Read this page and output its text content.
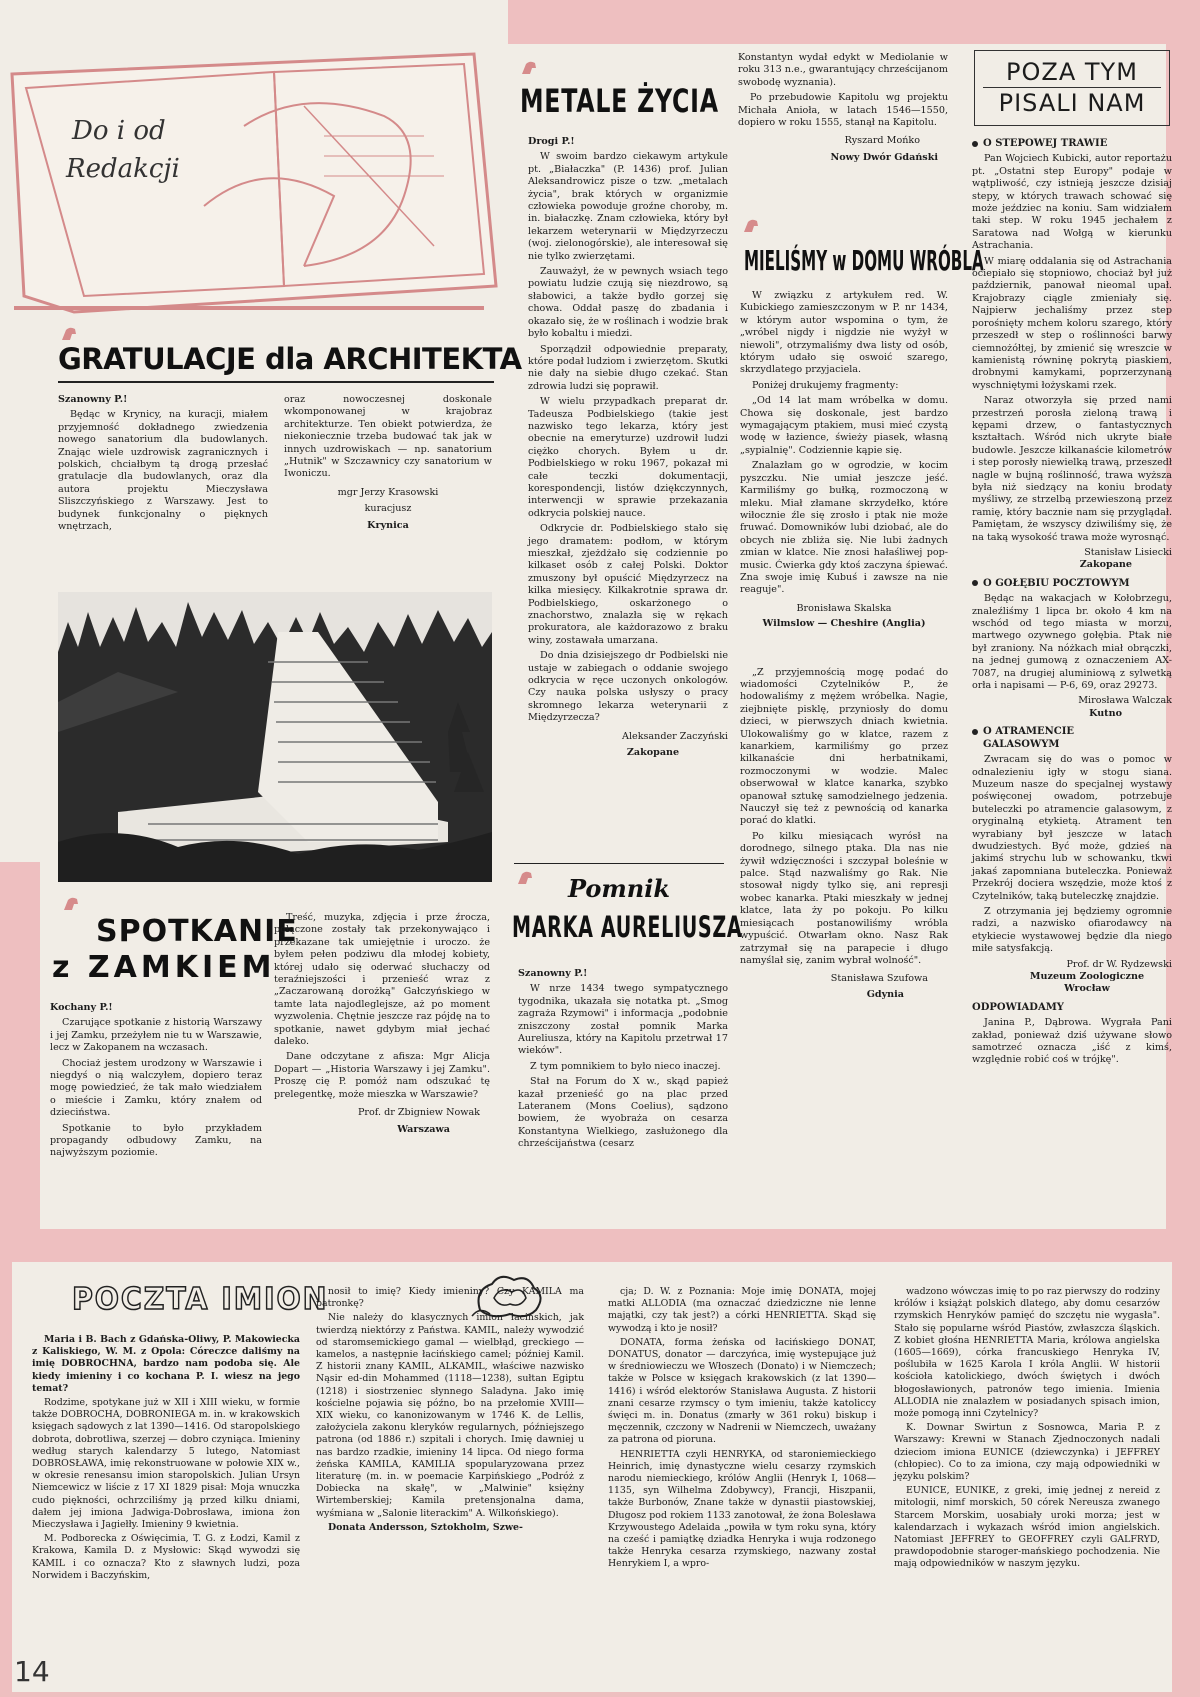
Do i od
Redakcji
GRATULACJE dla ARCHITEKTA

Szanowny P.!

Będąc w Krynicy, na kuracji, miałem przyjemność dokładnego zwiedzenia nowego sanatorium dla budowlanych. Znając wiele uzdrowisk zagranicznych i polskich, chciałbym tą drogą przesłać gratulacje dla budowlanych, oraz dla autora projektu Mieczysława Sliszczyńskiego z Warszawy. Jest to budynek funkcjonalny o pięknych wnętrzach,

oraz nowoczesnej doskonale wkomponowanej w krajobraz architekturze. Ten obiekt potwierdza, że niekoniecznie trzeba budować tak jak w innych uzdrowiskach — np. sanatorium „Hutnik" w Szczawnicy czy sanatorium w Iwoniczu.

mgr Jerzy Krasowski
kuracjusz
Krynica
SPOTKANIE
z ZAMKIEM

Kochany P.!

Czarujące spotkanie z historią Warszawy i jej Zamku, przeżyłem nie tu w Warszawie, lecz w Zakopanem na wczasach.

Chociaż jestem urodzony w Warszawie i niegdyś o nią walczyłem, dopiero teraz mogę powiedzieć, że tak mało wiedziałem o mieście i Zamku, który znałem od dzieciństwa.

Spotkanie to było przykładem propagandy odbudowy Zamku, na najwyższym poziomie.

Treść, muzyka, zdjęcia i prze źrocza, połączone zostały tak przekonywająco i przekazane tak umiejętnie i uroczo. że byłem pełen podziwu dla młodej kobiety, której udało się oderwać słuchaczy od teraźniejszości i przenieść wraz z „Zaczarowaną dorożką" Gałczyńskiego w tamte lata najodleglejsze, aż po moment wyzwolenia. Chętnie jeszcze raz pójdę na to spotkanie, nawet gdybym miał jechać daleko.

Dane odczytane z afisza: Mgr Alicja Dopart — „Historia Warszawy i jej Zamku". Proszę cię P. pomóż nam odszukać tę prelegentkę, może mieszka w Warszawie?

Prof. dr Zbigniew Nowak
Warszawa
METALE ŻYCIA

Drogi P.!

W swoim bardzo ciekawym artykule pt. „Białaczka" (P. 1436) prof. Julian Aleksandrowicz pisze o tzw. „metalach życia", brak których w organizmie człowieka powoduje groźne choroby, m. in. białaczkę. Znam człowieka, który był lekarzem weterynarii w Międzyrzeczu (woj. zielonogórskie), ale interesował się nie tylko zwierzętami.

Zauważył, że w pewnych wsiach tego powiatu ludzie czują się niezdrowo, są słabowici, a także bydło gorzej się chowa. Oddał paszę do zbadania i okazało się, że w roślinach i wodzie brak było kobaltu i miedzi.

Sporządził odpowiednie preparaty, które podał ludziom i zwierzętom. Skutki nie dały na siebie długo czekać. Stan zdrowia ludzi się poprawił.

W wielu przypadkach preparat dr. Tadeusza Podbielskiego (takie jest nazwisko tego lekarza, który jest obecnie na emeryturze) uzdrowił ludzi ciężko chorych. Byłem u dr. Podbielskiego w roku 1967, pokazał mi całe teczki dokumentacji, korespondencji, listów dziękczynnych, interwencji w sprawie przekazania odkrycia polskiej nauce.

Odkrycie dr. Podbielskiego stało się jego dramatem: podłom, w którym mieszkał, zjeżdżało się codziennie po kilkaset osób z całej Polski. Doktor zmuszony był opuścić Międzyrzecz na kilka miesięcy. Kilkakrotnie sprawa dr. Podbielskiego, oskarżonego o znachorstwo, znalazła się w rękach prokuratora, ale każdorazowo z braku winy, zostawała umarzana.

Do dnia dzisiejszego dr Podbielski nie ustaje w zabiegach o oddanie swojego odkrycia w ręce uczonych onkologów. Czy nauka polska usłyszy o pracy skromnego lekarza weterynarii z Międzyrzecza?

Aleksander Zaczyński
Zakopane
Pomnik
MARKA AURELIUSZA

Szanowny P.!

W nrze 1434 twego sympatycznego tygodnika, ukazała się notatka pt. „Smog zagraża Rzymowi" i informacja „podobnie zniszczony został pomnik Marka Aureliusza, który na Kapitolu przetrwał 17 wieków".

Z tym pomnikiem to było nieco inaczej.

Stał na Forum do X w., skąd papież kazał przenieść go na plac przed Lateranem (Mons Coelius), sądzono bowiem, że wyobraża on cesarza Konstantyna Wielkiego, zasłużonego dla chrześcijaństwa (cesarz

Konstantyn wydał edykt w Mediolanie w roku 313 n.e., gwarantujący chrześcijanom swobodę wyznania).

Po przebudowie Kapitolu wg projektu Michała Anioła, w latach 1546—1550, dopiero w roku 1555, stanął na Kapitolu.

Ryszard Mońko
Nowy Dwór Gdański
MIELIŚMY w DOMU WRÓBLA

W związku z artykułem red. W. Kubickiego zamieszczonym w P. nr 1434, w którym autor wspomina o tym, że „wróbel nigdy i nigdzie nie wyżył w niewoli", otrzymaliśmy dwa listy od osób, którym udało się oswoić szarego, skrzydlatego przyjaciela.

Poniżej drukujemy fragmenty:

„Od 14 lat mam wróbelka w domu. Chowa się doskonale, jest bardzo wymagającym ptakiem, musi mieć czystą wodę w łazience, świeży piasek, własną „sypialnię". Codziennie kąpie się.

Znalazłam go w ogrodzie, w kocim pyszczku. Nie umiał jeszcze jeść. Karmiliśmy go bułką, rozmoczoną w mleku. Miał złamane skrzydełko, które wiłocznie źle się zrosło i ptak nie może fruwać. Domowników lubi dziobać, ale do obcych nie zbliża się. Nie lubi żadnych zmian w klatce. Nie znosi hałaśliwej pop-music. Ćwierka gdy ktoś zaczyna śpiewać. Zna swoje imię Kubuś i zawsze na nie reaguje".

Bronisława Skalska
Wilmslow — Cheshire (Anglia)

„Z przyjemnością mogę podać do wiadomości Czytelników P., że hodowaliśmy z mężem wróbelka. Nagie, ziejbnięte pisklę, przyniosły do domu dzieci, w pierwszych dniach kwietnia. Ulokowaliśmy go w klatce, razem z kanarkiem, karmiliśmy go przez kilkanaście dni herbatnikami, rozmoczonymi w wodzie. Malec obserwował w klatce kanarka, szybko opanował sztukę samodzielnego jedzenia. Nauczył się też z pewnością od kanarka porać do klatki.

Po kilku miesiącach wyrósł na dorodnego, silnego ptaka. Dla nas nie żywił wdzięczności i szczypał boleśnie w palce. Stąd nazwaliśmy go Rak. Nie stosował nigdy tylko się, ani represji wobec kanarka. Ptaki mieszkały w jednej klatce, lata ży po pokoju. Po kilku miesiącach postanowiliśmy wróbla wypuścić. Otwarłam okno. Nasz Rak zatrzymał się na parapecie i długo namyślał się, zanim wybrał wolność".

Stanisława Szufowa
Gdynia
POZA TYM
PISALI NAM
O STEPOWEJ TRAWIE

Pan Wojciech Kubicki, autor reportażu pt. „Ostatni step Europy" podaje w wątpliwość, czy istnieją jeszcze dzisiaj stepy, w których trawach schować się może jeździec na koniu. Sam widziałem taki step. W roku 1945 jechałem z Saratowa nad Wołgą w kierunku Astrachania.

W miarę oddalania się od Astrachania ociepiało się stopniowo, chociaż był już październik, panował nieomal upał. Krajobrazy ciągle zmieniały się. Najpierw jechaliśmy przez step porośnięty mchem koloru szarego, który przeszedł w step o roślinności barwy ciemnożółtej, by zmienić się wreszcie w kamienistą równinę pokrytą piaskiem, drobnymi kamykami, poprzerzynaną wyschniętymi łożyskami rzek.

Naraz otworzyła się przed nami przestrzeń porosła zieloną trawą i kępami drzew, o fantastycznych kształtach. Wśród nich ukryte białe budowle. Jeszcze kilkanaście kilometrów i step porosły niewielką trawą, przeszedł nagle w bujną roślinność, trawa wyższa była niż siedzący na koniu brodaty myśliwy, ze strzelbą przewieszoną przez ramię, który bacznie nam się przyglądał. Pamiętam, że wszyscy dziwiliśmy się, że na taką wysokość trawa może wyrosnąć.

Stanisław Lisiecki
Zakopane
O GOŁĘBIU POCZTOWYM

Będąc na wakacjach w Kołobrzegu, znaleźliśmy 1 lipca br. około 4 km na wschód od tego miasta w morzu, martwego ozywnego gołębia. Ptak nie był zraniony. Na nóżkach miał obrączki, na jednej gumową z oznaczeniem AX-7087, na drugiej aluminiową z sylwetką orła i napisami — P-6, 69, oraz 29273.

Mirosława Walczak
Kutno
O ATRAMENCIE
GALASOWYM

Zwracam się do was o pomoc w odnalezieniu igły w stogu siana. Muzeum nasze do specjalnej wystawy poświęconej owadom, potrzebuje buteleczki po atramencie galasowym, z oryginalną etykietą. Atrament ten wyrabiany był jeszcze w latach dwudziestych. Być może, gdzieś na jakimś strychu lub w schowanku, tkwi jakaś zapomniana buteleczka. Ponieważ Przekrój dociera wszędzie, może ktoś z Czytelników, taką buteleczkę znajdzie.

Z otrzymania jej będziemy ogromnie radzi, a nazwisko ofiarodawcy na etykiecie wystawowej będzie dla niego miłe satysfakcją.

Prof. dr W. Rydzewski
Muzeum Zoologiczne
Wrocław
ODPOWIADAMY

Janina P., Dąbrowa. Wygrała Pani zakład, ponieważ dziś używane słowo samotrzeć oznacza „iść z kimś, względnie robić coś w trójkę".

POCZTA IMION

Maria i B. Bach z Gdańska-Oliwy, P. Makowiecka z Kaliskiego, W. M. z Opola: Córeczce daliśmy na imię DOBROCHNA, bardzo nam podoba się. Ale kiedy imieniny i co kochana P. I. wiesz na jego temat?

Rodzime, spotykane już w XII i XIII wieku, w formie także DOBROCHA, DOBRONIEGA m. in. w krakowskich księgach sądowych z lat 1390—1416. Od staropolskiego dobrota, dobrotliwa, szerzej — dobro czyniąca. Imieniny według starych kalendarzy 5 lutego, Natomiast DOBROSŁAWA, imię rekonstruowane w połowie XIX w., w okresie renesansu imion staropolskich. Julian Ursyn Niemcewicz w liście z 17 XI 1829 pisał: Moja wnuczka cudo piękności, ochrzciliśmy ją przed kilku dniami, dałem jej imiona Jadwiga-Dobrosława, imiona żon Mieczysława i Jagiełły. Imieniny 9 kwietnia.

M. Podborecka z Oświęcimia, T. G. z Łodzi, Kamil z Krakowa, Kamila D. z Mysłowic: Skąd wywodzi się KAMIL i co oznacza? Kto z sławnych ludzi, poza Norwidem i Baczyńskim,

nosił to imię? Kiedy imieniny? Czy KAMILA ma patronkę?

Nie należy do klasycznych imion łacińskich, jak twierdzą niektórzy z Państwa. KAMIL, należy wywodzić od staromsemickiego gamal — wielbłąd, greckiego — kamelos, a następnie łacińskiego camel; później Kamil. Z historii znany KAMIL, ALKAMIL, właściwe nazwisko Nąsir ed-din Mohammed (1118—1238), sułtan Egiptu (1218) i siostrzeniec słynnego Saladyna. Jako imię kościelne pojawia się późno, bo na przełomie XVIII—XIX wieku, co kanonizowanym w 1746 K. de Lellis, założyciela zakonu kleryków regularnych, późniejszego patrona (od 1886 r.) szpitali i chorych. Imię dawniej u nas bardzo rzadkie, imieniny 14 lipca. Od niego forma żeńska KAMILA, KAMILIA spopularyzowana przez literaturę (m. in. w poemacie Karpińskiego „Podróż z Dobiecka na skałę", w „Malwinie" księżny Wirtemberskiej; Kamila pretensjonalna dama, wyśmiana w „Salonie literackim" A. Wilkońskiego).

Donata Andersson, Sztokholm, Szwe-

cja; D. W. z Poznania: Moje imię DONATA, mojej matki ALLODIA (ma oznaczać dziedziczne nie lenne majątki, czy tak jest?) a córki HENRIETTA. Skąd się wywodzą i kto je nosił?

DONATA, forma żeńska od łacińskiego DONAT, DONATUS, donator — darczyńca, imię wystepujące już w średniowieczu we Włoszech (Donato) i w Niemczech; także w Polsce w księgach krakowskich (z lat 1390—1416) i wśród elektorów Stanisława Augusta. Z historii znani cesarze rzymscy o tym imieniu, także katoliccy święci m. in. Donatus (zmarły w 361 roku) biskup i męczennik, czczony w Nadrenii w Niemczech, uważany za patrona od pioruna.

HENRIETTA czyli HENRYKA, od staroniemieckiego Heinrich, imię dynastyczne wielu cesarzy rzymskich narodu niemieckiego, królów Anglii (Henryk I, 1068—1135, syn Wilhelma Zdobywcy), Francji, Hiszpanii, także Burbonów, Znane także w dynastii piastowskiej, Długosz pod rokiem 1133 zanotował, że żona Bolesława Krzywoustego Adelaida „powiła w tym roku syna, który na cześć i pamiątkę dziadka Henryka i wuja rodzonego także Henryka cesarza rzymskiego, nazwany został Henrykiem I, a wpro-

wadzono wówczas imię to po raz pierwszy do rodziny królów i książąt polskich dlatego, aby domu cesarzów rzymskich Henryków pamięć do szczętu nie wygasła". Stało się popularne wśród Piastów, zwłaszcza śląskich. Z kobiet głośna HENRIETTA Maria, królowa angielska (1605—1669), córka francuskiego Henryka IV, poślubiła w 1625 Karola I króla Anglii. W historii kościoła katolickiego, dwóch świętych i dwóch błogosławionych, patronów tego imienia. Imienia ALLODIA nie znalazłem w posiadanych spisach imion, może pomogą inni Czytelnicy?

K. Downar Swirtun z Sosnowca, Maria P. z Warszawy: Krewni w Stanach Zjednoczonych nadali dzieciom imiona EUNICE (dziewczynka) i JEFFREY (chłopiec). Co to za imiona, czy mają odpowiedniki w języku polskim?

EUNICE, EUNIKE, z greki, imię jednej z nereid z mitologii, nimf morskich, 50 córek Nereusza zwanego Starcem Morskim, uosabiały uroki morza; jest w kalendarzach i wykazach wśród imion angielskich. Natomiast JEFFREY to GEOFFREY czyli GALFRYD, prawdopodobnie staroger-mańskiego pochodzenia. Nie mają odpowiedników w naszym języku.

14
